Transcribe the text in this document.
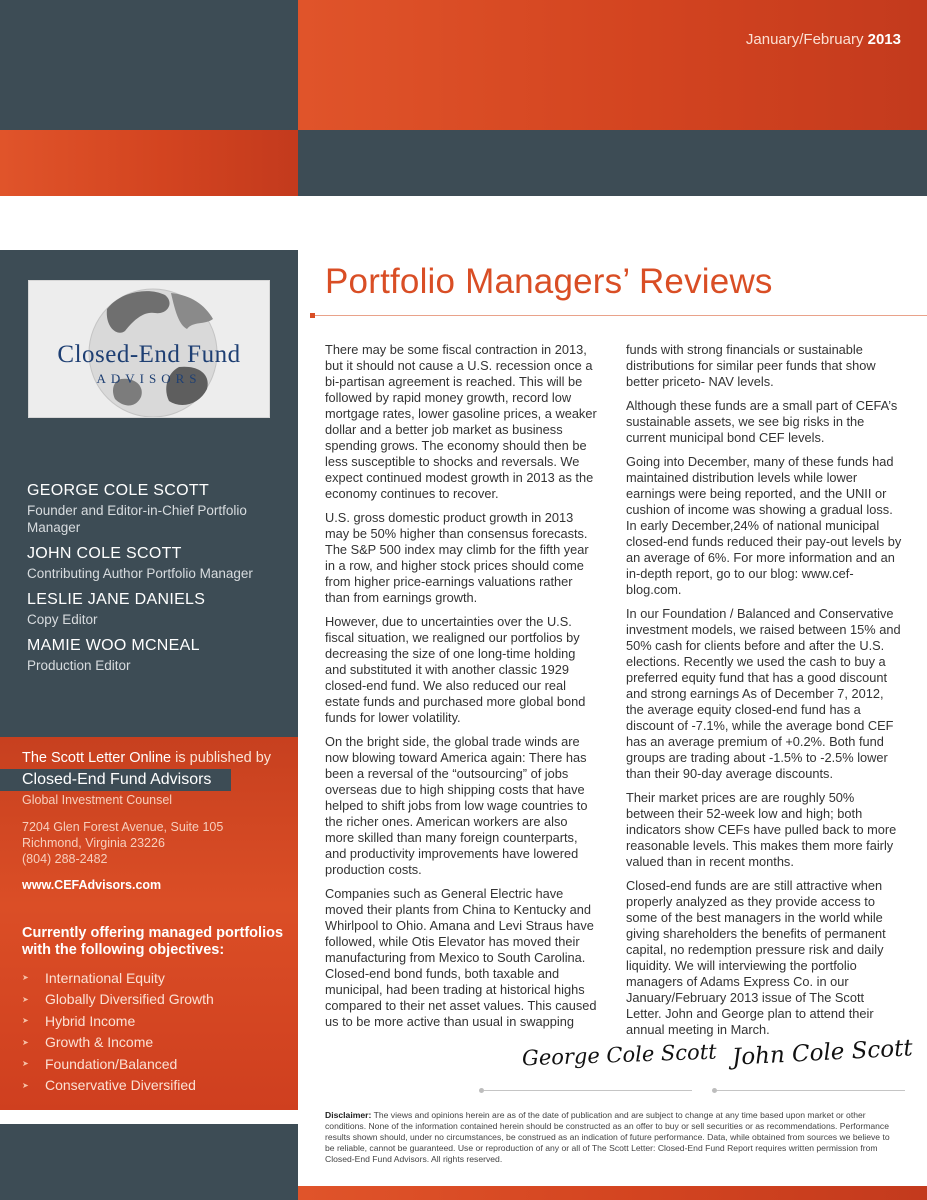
January/February 2013
Closed-End Fund
ADVISORS
GEORGE COLE SCOTT
Founder and Editor-in-Chief Portfolio Manager
JOHN COLE SCOTT
Contributing Author Portfolio Manager
LESLIE JANE DANIELS
Copy Editor
MAMIE WOO MCNEAL
Production Editor
The Scott Letter Online is published by
Closed-End Fund Advisors
Global Investment Counsel
7204 Glen Forest Avenue, Suite 105
Richmond, Virginia 23226
(804) 288-2482
www.CEFAdvisors.com
Currently offering managed portfolios with the following objectives:
➤ International Equity
➤ Globally Diversified Growth
➤ Hybrid Income
➤ Growth & Income
➤ Foundation/Balanced
➤ Conservative Diversified
Portfolio Managers’ Reviews

There may be some fiscal contraction in 2013, but it should not cause a U.S. recession once a bi-partisan agreement is reached. This will be followed by rapid money growth, record low mortgage rates, lower gasoline prices, a weaker dollar and a better job market as business spending grows. The economy should then be less susceptible to shocks and reversals. We expect continued modest growth in 2013 as the economy continues to recover.

U.S. gross domestic product growth in 2013 may be 50% higher than consensus forecasts. The S&P 500 index may climb for the fifth year in a row, and higher stock prices should come from higher price-earnings valuations rather than from earnings growth.

However, due to uncertainties over the U.S. fiscal situation, we realigned our portfolios by decreasing the size of one long-time holding and substituted it with another classic 1929 closed-end fund. We also reduced our real estate funds and purchased more global bond funds for lower volatility.

On the bright side, the global trade winds are now blowing toward America again: There has been a reversal of the “outsourcing” of jobs overseas due to high shipping costs that have helped to shift jobs from low wage countries to the richer ones. American workers are also more skilled than many foreign counterparts, and productivity improvements have lowered production costs.

Companies such as General Electric have moved their plants from China to Kentucky and Whirlpool to Ohio. Amana and Levi Straus have followed, while Otis Elevator has moved their manufacturing from Mexico to South Carolina. Closed-end bond funds, both taxable and municipal, had been trading at historical highs compared to their net asset values. This caused us to be more active than usual in swapping

funds with strong financials or sustainable distributions for similar peer funds that show better priceto- NAV levels.

Although these funds are a small part of CEFA’s sustainable assets, we see big risks in the current municipal bond CEF levels.

Going into December, many of these funds had maintained distribution levels while lower earnings were being reported, and the UNII or cushion of income was showing a gradual loss. In early December,24% of national municipal closed-end funds reduced their pay-out levels by an average of 6%. For more information and an in-depth report, go to our blog: www.cef-blog.com.

In our Foundation / Balanced and Conservative investment models, we raised between 15% and 50% cash for clients before and after the U.S. elections. Recently we used the cash to buy a preferred equity fund that has a good discount and strong earnings As of December 7, 2012, the average equity closed-end fund has a discount of -7.1%, while the average bond CEF has an average premium of +0.2%. Both fund groups are trading about -1.5% to -2.5% lower than their 90-day average discounts.

Their market prices are are roughly 50% between their 52-week low and high; both indicators show CEFs have pulled back to more reasonable levels. This makes them more fairly valued than in recent months.

Closed-end funds are are still attractive when properly analyzed as they provide access to some of the best managers in the world while giving shareholders the benefits of permanent capital, no redemption pressure risk and daily liquidity. We will interviewing the portfolio managers of Adams Express Co. in our January/February 2013 issue of The Scott Letter. John and George plan to attend their annual meeting in March.

George Cole Scott John Cole Scott
Disclaimer: The views and opinions herein are as of the date of publication and are subject to change at any time based upon market or other conditions. None of the information contained herein should be constructed as an offer to buy or sell securities or as recommendations. Performance results shown should, under no circumstances, be construed as an indication of future performance. Data, while obtained from sources we believe to be reliable, cannot be guaranteed. Use or reproduction of any or all of The Scott Letter: Closed-End Fund Report requires written permission from Closed-End Fund Advisors. All rights reserved.
